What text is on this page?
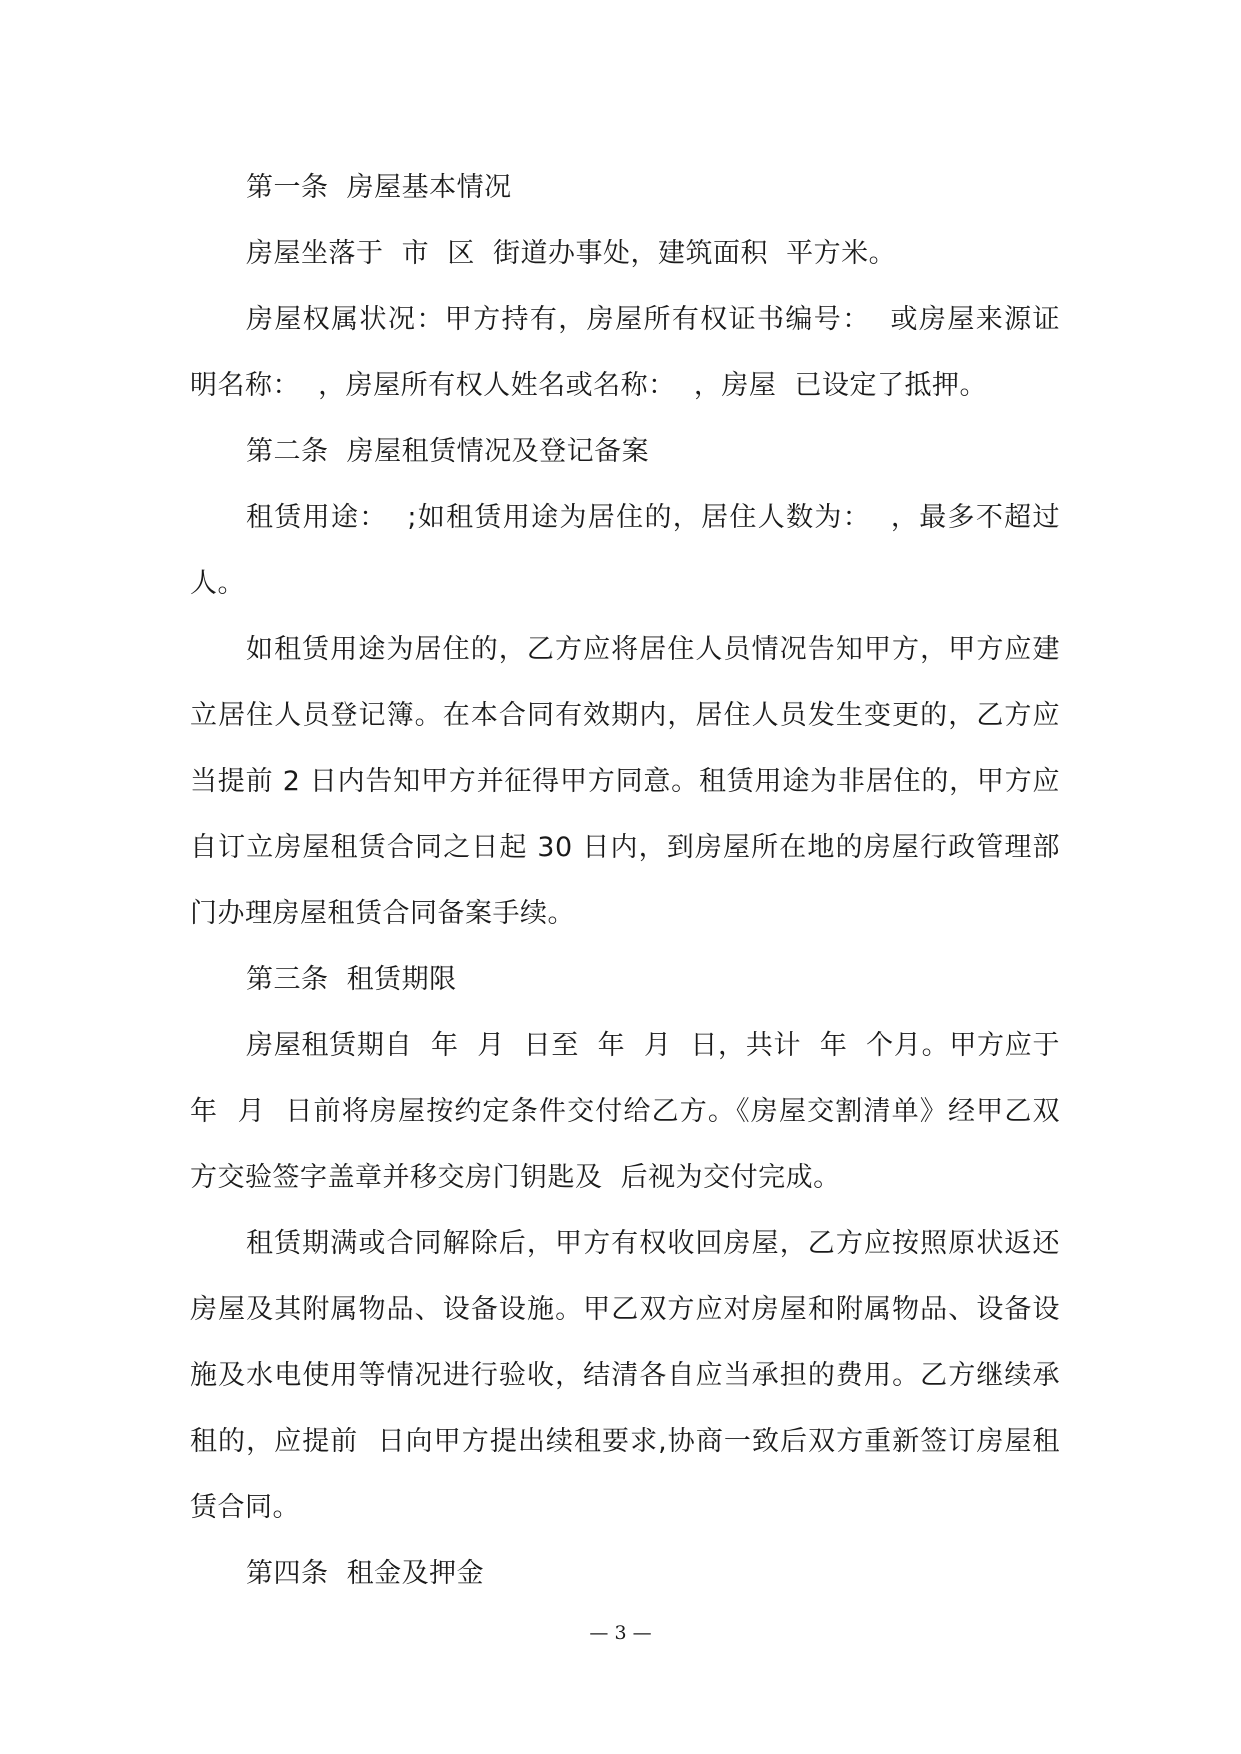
第一条  房屋基本情况

房屋坐落于  市  区  街道办事处，建筑面积  平方米。

房屋权属状况：甲方持有，房屋所有权证书编号：  或房屋来源证明名称：  ，房屋所有权人姓名或名称：  ，房屋  已设定了抵押。

第二条  房屋租赁情况及登记备案

租赁用途：  ;如租赁用途为居住的，居住人数为：  ，最多不超过  人。

如租赁用途为居住的，乙方应将居住人员情况告知甲方，甲方应建立居住人员登记簿。在本合同有效期内，居住人员发生变更的，乙方应当提前 2 日内告知甲方并征得甲方同意。租赁用途为非居住的，甲方应自订立房屋租赁合同之日起 30 日内，到房屋所在地的房屋行政管理部门办理房屋租赁合同备案手续。

第三条  租赁期限

房屋租赁期自  年  月  日至  年  月  日，共计  年  个月。甲方应于  年  月  日前将房屋按约定条件交付给乙方。《房屋交割清单》经甲乙双方交验签字盖章并移交房门钥匙及  后视为交付完成。

租赁期满或合同解除后，甲方有权收回房屋，乙方应按照原状返还房屋及其附属物品、设备设施。甲乙双方应对房屋和附属物品、设备设施及水电使用等情况进行验收，结清各自应当承担的费用。乙方继续承租的，应提前  日向甲方提出续租要求,协商一致后双方重新签订房屋租赁合同。

第四条  租金及押金

— 3 —
